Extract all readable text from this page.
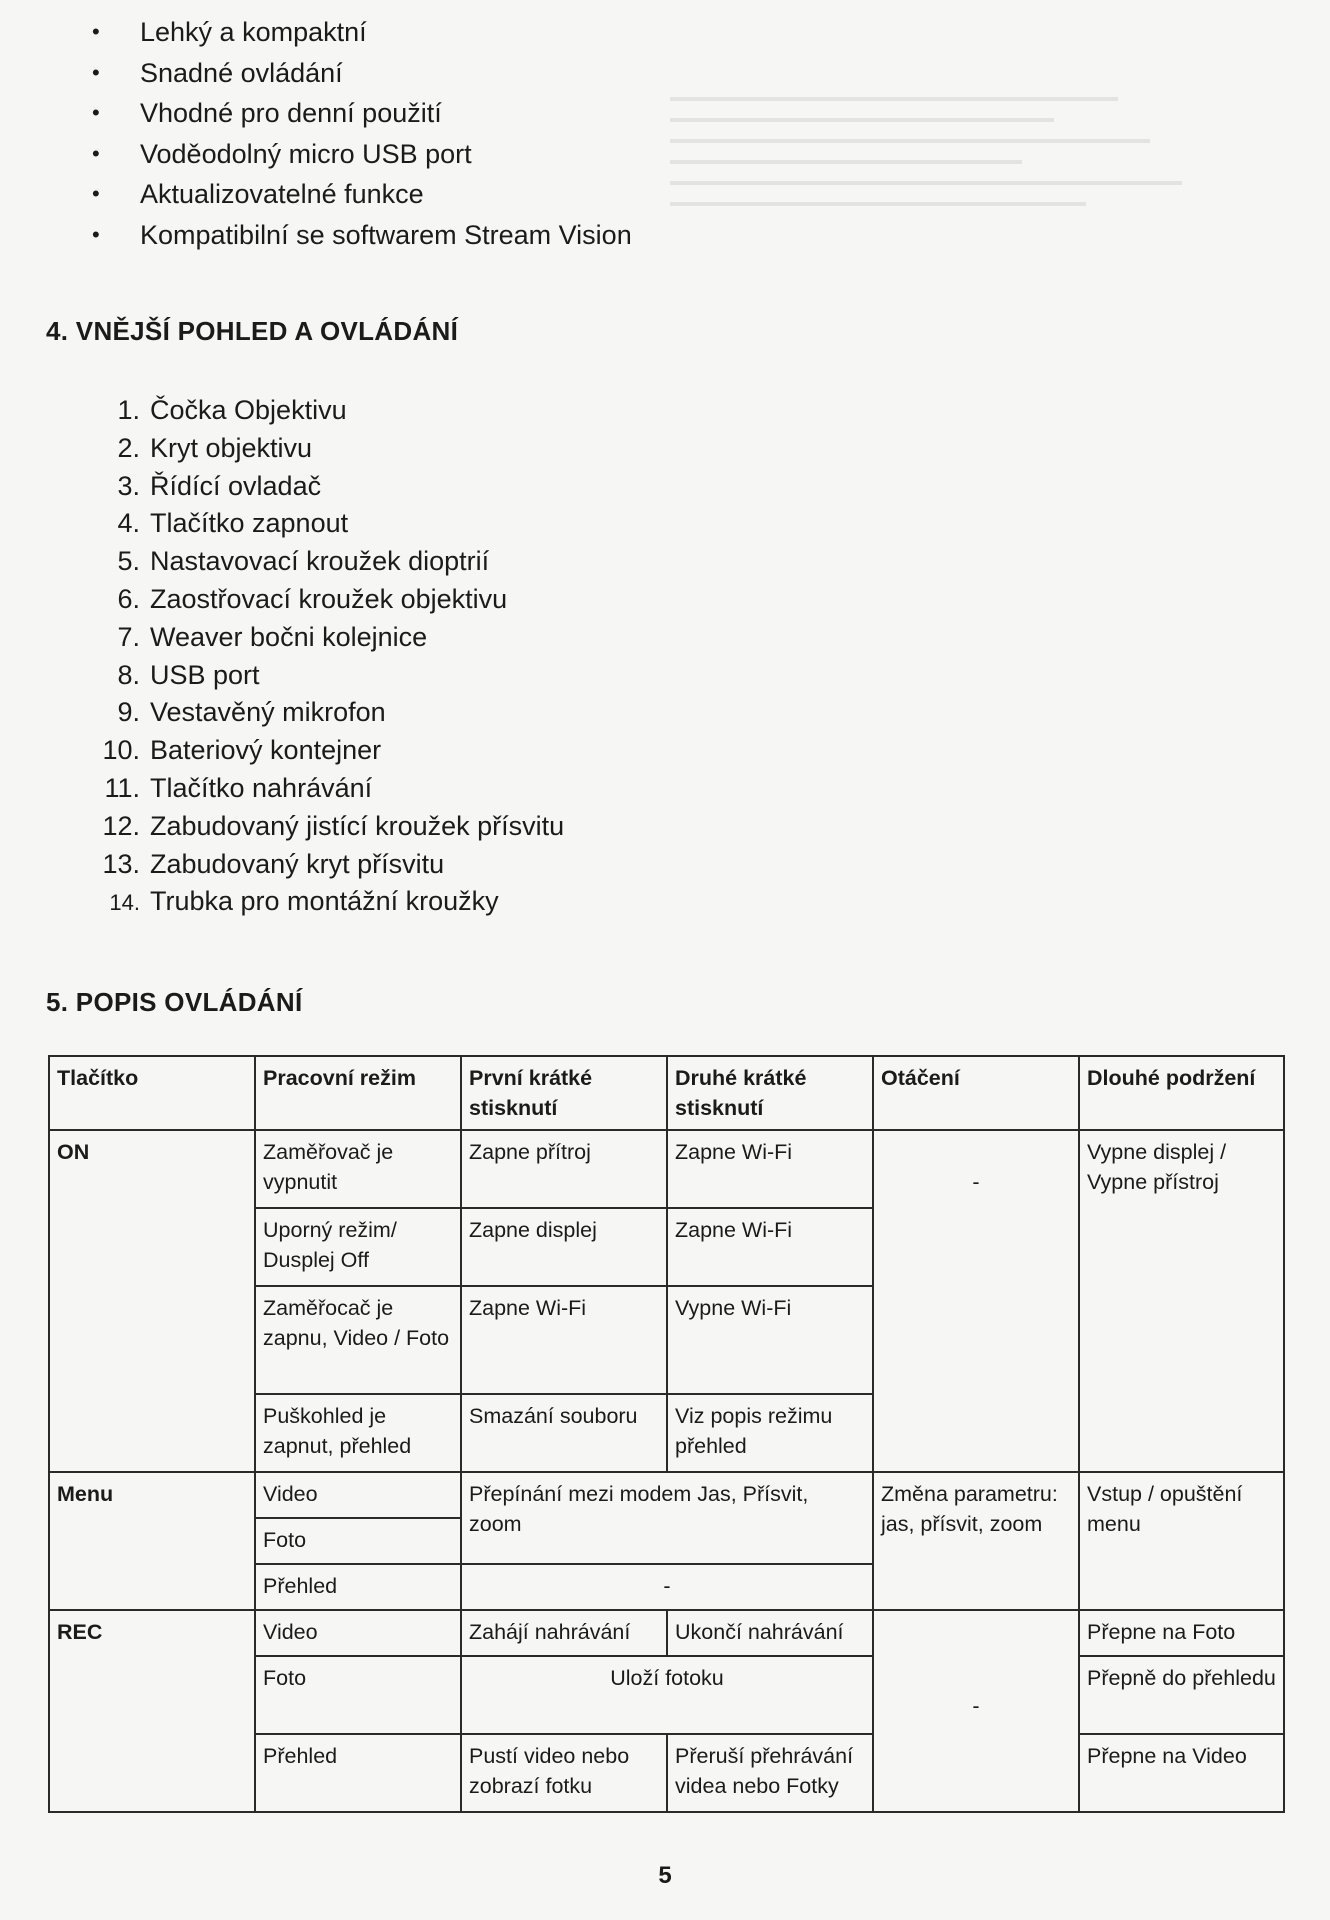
• Lehký a kompaktní
• Snadné ovládání
• Vhodné pro denní použití
• Voděodolný micro USB port
• Aktualizovatelné funkce
• Kompatibilní se softwarem Stream Vision
4. VNĚJŠÍ POHLED A OVLÁDÁNÍ
1. Čočka Objektivu
2. Kryt objektivu
3. Řídící ovladač
4. Tlačítko zapnout
5. Nastavovací kroužek dioptrií
6. Zaostřovací kroužek objektivu
7. Weaver bočni kolejnice
8. USB port
9. Vestavěný mikrofon
10. Bateriový kontejner
11. Tlačítko nahrávání
12. Zabudovaný jistící kroužek přísvitu
13. Zabudovaný kryt přísvitu
14. Trubka pro montážní kroužky
5. POPIS OVLÁDÁNÍ
Tlačítko	Pracovní režim	První krátké stisknutí	Druhé krátké stisknutí	Otáčení	Dlouhé podržení
ON	Zaměřovač je vypnutit	Zapne přítroj	Zapne Wi-Fi	-	Vypne displej / Vypne přístroj
	Uporný režim/ Dusplej Off	Zapne displej	Zapne Wi-Fi		
	Zaměřocač je zapnu, Video / Foto	Zapne Wi-Fi	Vypne Wi-Fi		
	Puškohled je zapnut, přehled	Smazání souboru	Viz popis režimu přehled		
Menu	Video	Přepínání mezi modem Jas, Přísvit, zoom		Změna parametru: jas, přísvit, zoom	Vstup / opuštění menu
	Foto				
	Přehled	-			
REC	Video	Zahájí nahrávání	Ukončí nahrávání	-	Přepne na Foto
	Foto	Uloží fotoku			Přepně do přehledu
	Přehled	Pustí video nebo zobrazí fotku	Přeruší přehrávání videa nebo Fotky		Přepne na Video
5
